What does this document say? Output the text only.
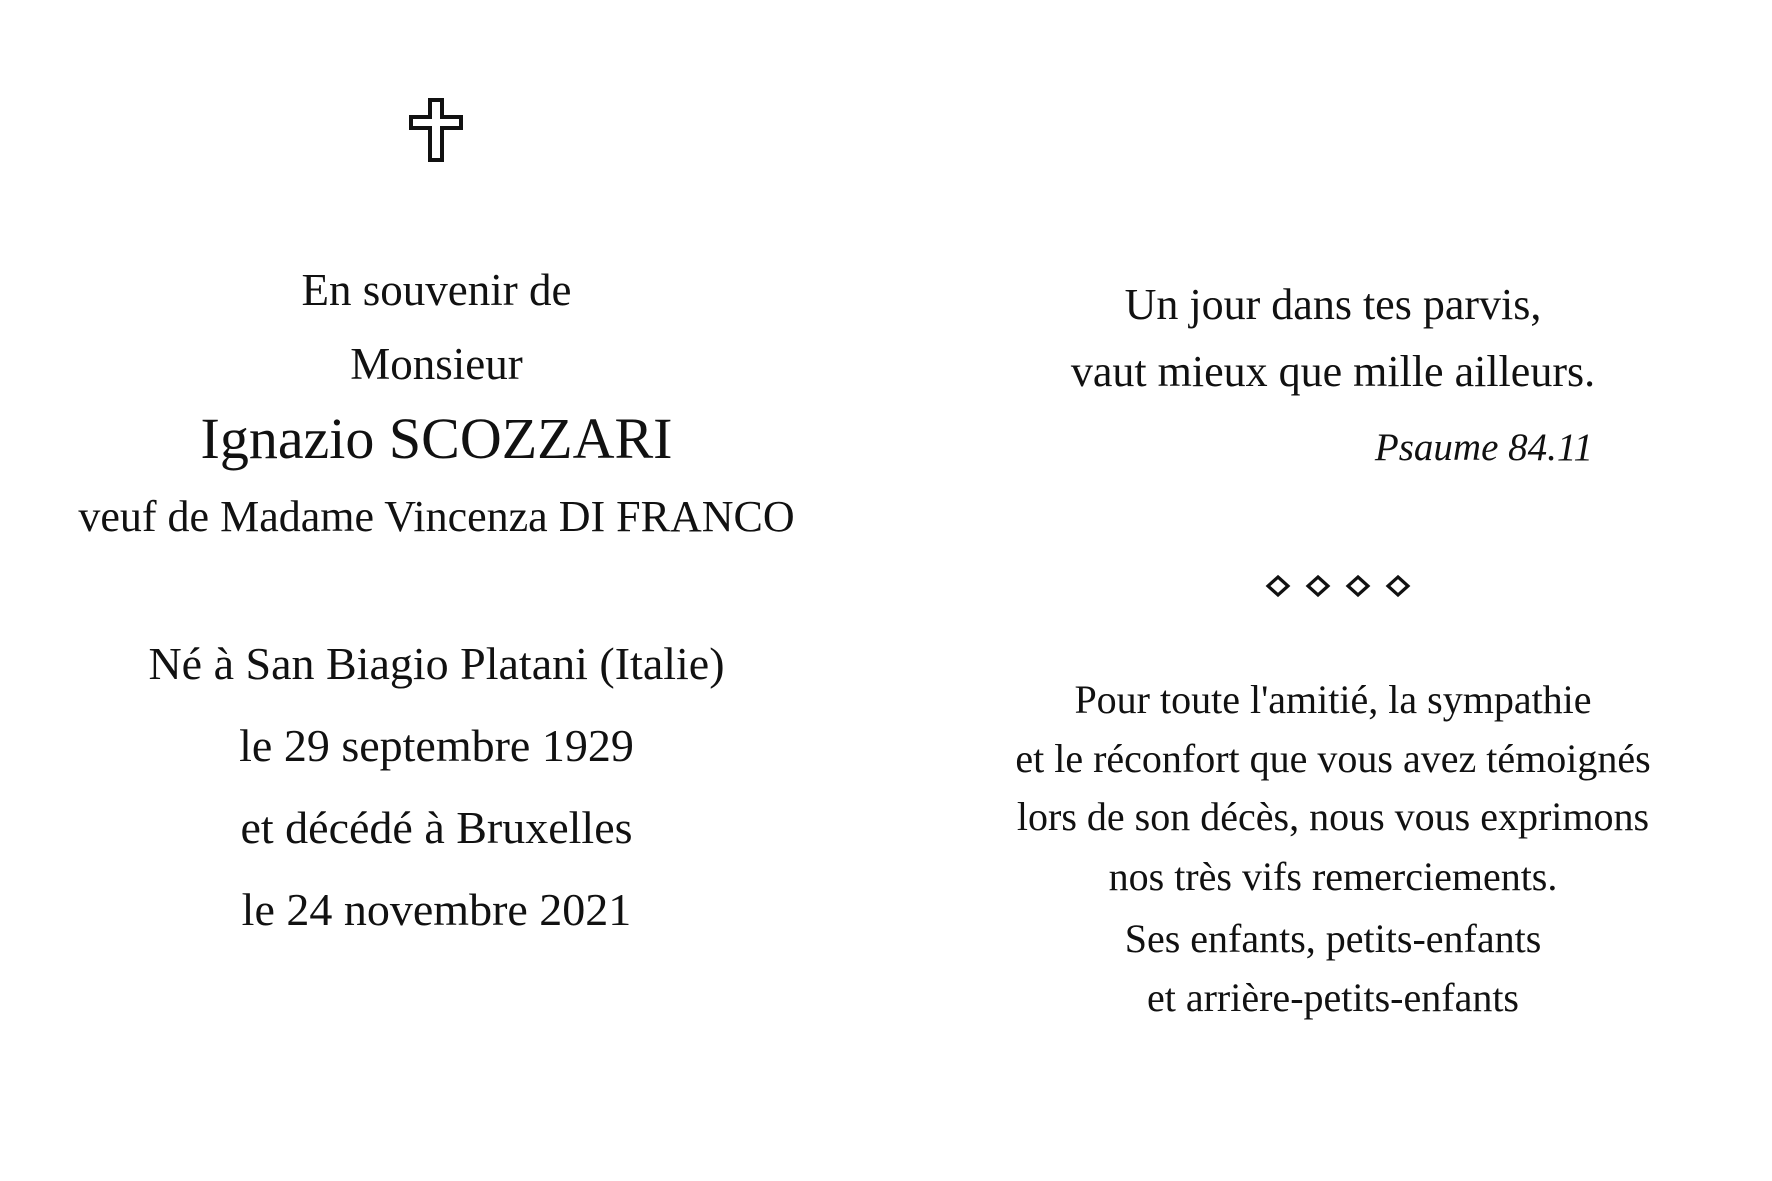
En souvenir de
Monsieur
Ignazio SCOZZARI
veuf de Madame Vincenza DI FRANCO
Né à San Biagio Platani (Italie)
le 29 septembre 1929
et décédé à Bruxelles
le 24 novembre 2021
Un jour dans tes parvis,
vaut mieux que mille ailleurs.
Psaume 84.11
Pour toute l'amitié, la sympathie
et le réconfort que vous avez témoignés
lors de son décès, nous vous exprimons
nos très vifs remerciements.
Ses enfants, petits-enfants
et arrière-petits-enfants
